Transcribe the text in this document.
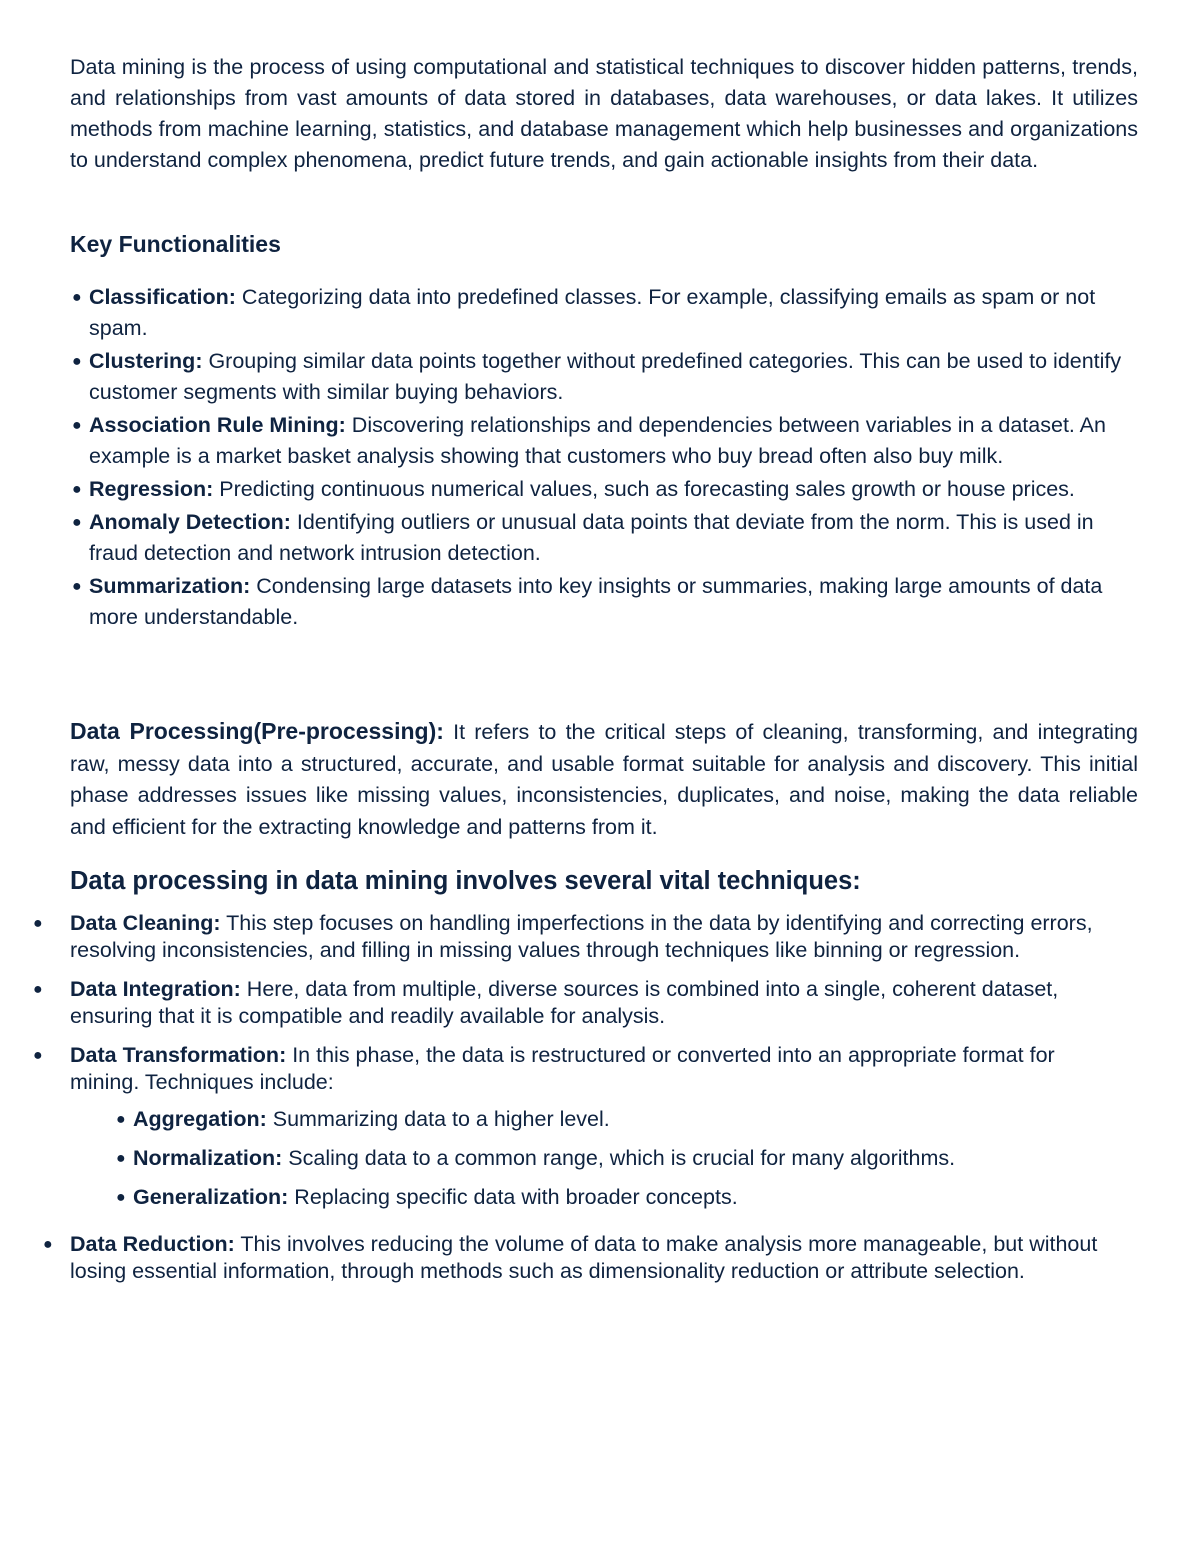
Data mining is the process of using computational and statistical techniques to discover hidden patterns, trends, and relationships from vast amounts of data stored in databases, data warehouses, or data lakes. It utilizes methods from machine learning, statistics, and database management which help businesses and organizations to understand complex phenomena, predict future trends, and gain actionable insights from their data.

Key Functionalities
● Classification: Categorizing data into predefined classes. For example, classifying emails as spam or not spam.
● Clustering: Grouping similar data points together without predefined categories. This can be used to identify customer segments with similar buying behaviors.
● Association Rule Mining: Discovering relationships and dependencies between variables in a dataset. An example is a market basket analysis showing that customers who buy bread often also buy milk.
● Regression: Predicting continuous numerical values, such as forecasting sales growth or house prices.
● Anomaly Detection: Identifying outliers or unusual data points that deviate from the norm. This is used in fraud detection and network intrusion detection.
● Summarization: Condensing large datasets into key insights or summaries, making large amounts of data more understandable.

Data Processing(Pre-processing): It refers to the critical steps of cleaning, transforming, and integrating raw, messy data into a structured, accurate, and usable format suitable for analysis and discovery. This initial phase addresses issues like missing values, inconsistencies, duplicates, and noise, making the data reliable and efficient for the extracting knowledge and patterns from it.

Data processing in data mining involves several vital techniques:
● Data Cleaning: This step focuses on handling imperfections in the data by identifying and correcting errors, resolving inconsistencies, and filling in missing values through techniques like binning or regression.
● Data Integration: Here, data from multiple, diverse sources is combined into a single, coherent dataset, ensuring that it is compatible and readily available for analysis.
● Data Transformation: In this phase, the data is restructured or converted into an appropriate format for mining. Techniques include:
● Aggregation: Summarizing data to a higher level.
● Normalization: Scaling data to a common range, which is crucial for many algorithms.
● Generalization: Replacing specific data with broader concepts.
● Data Reduction: This involves reducing the volume of data to make analysis more manageable, but without losing essential information, through methods such as dimensionality reduction or attribute selection.
